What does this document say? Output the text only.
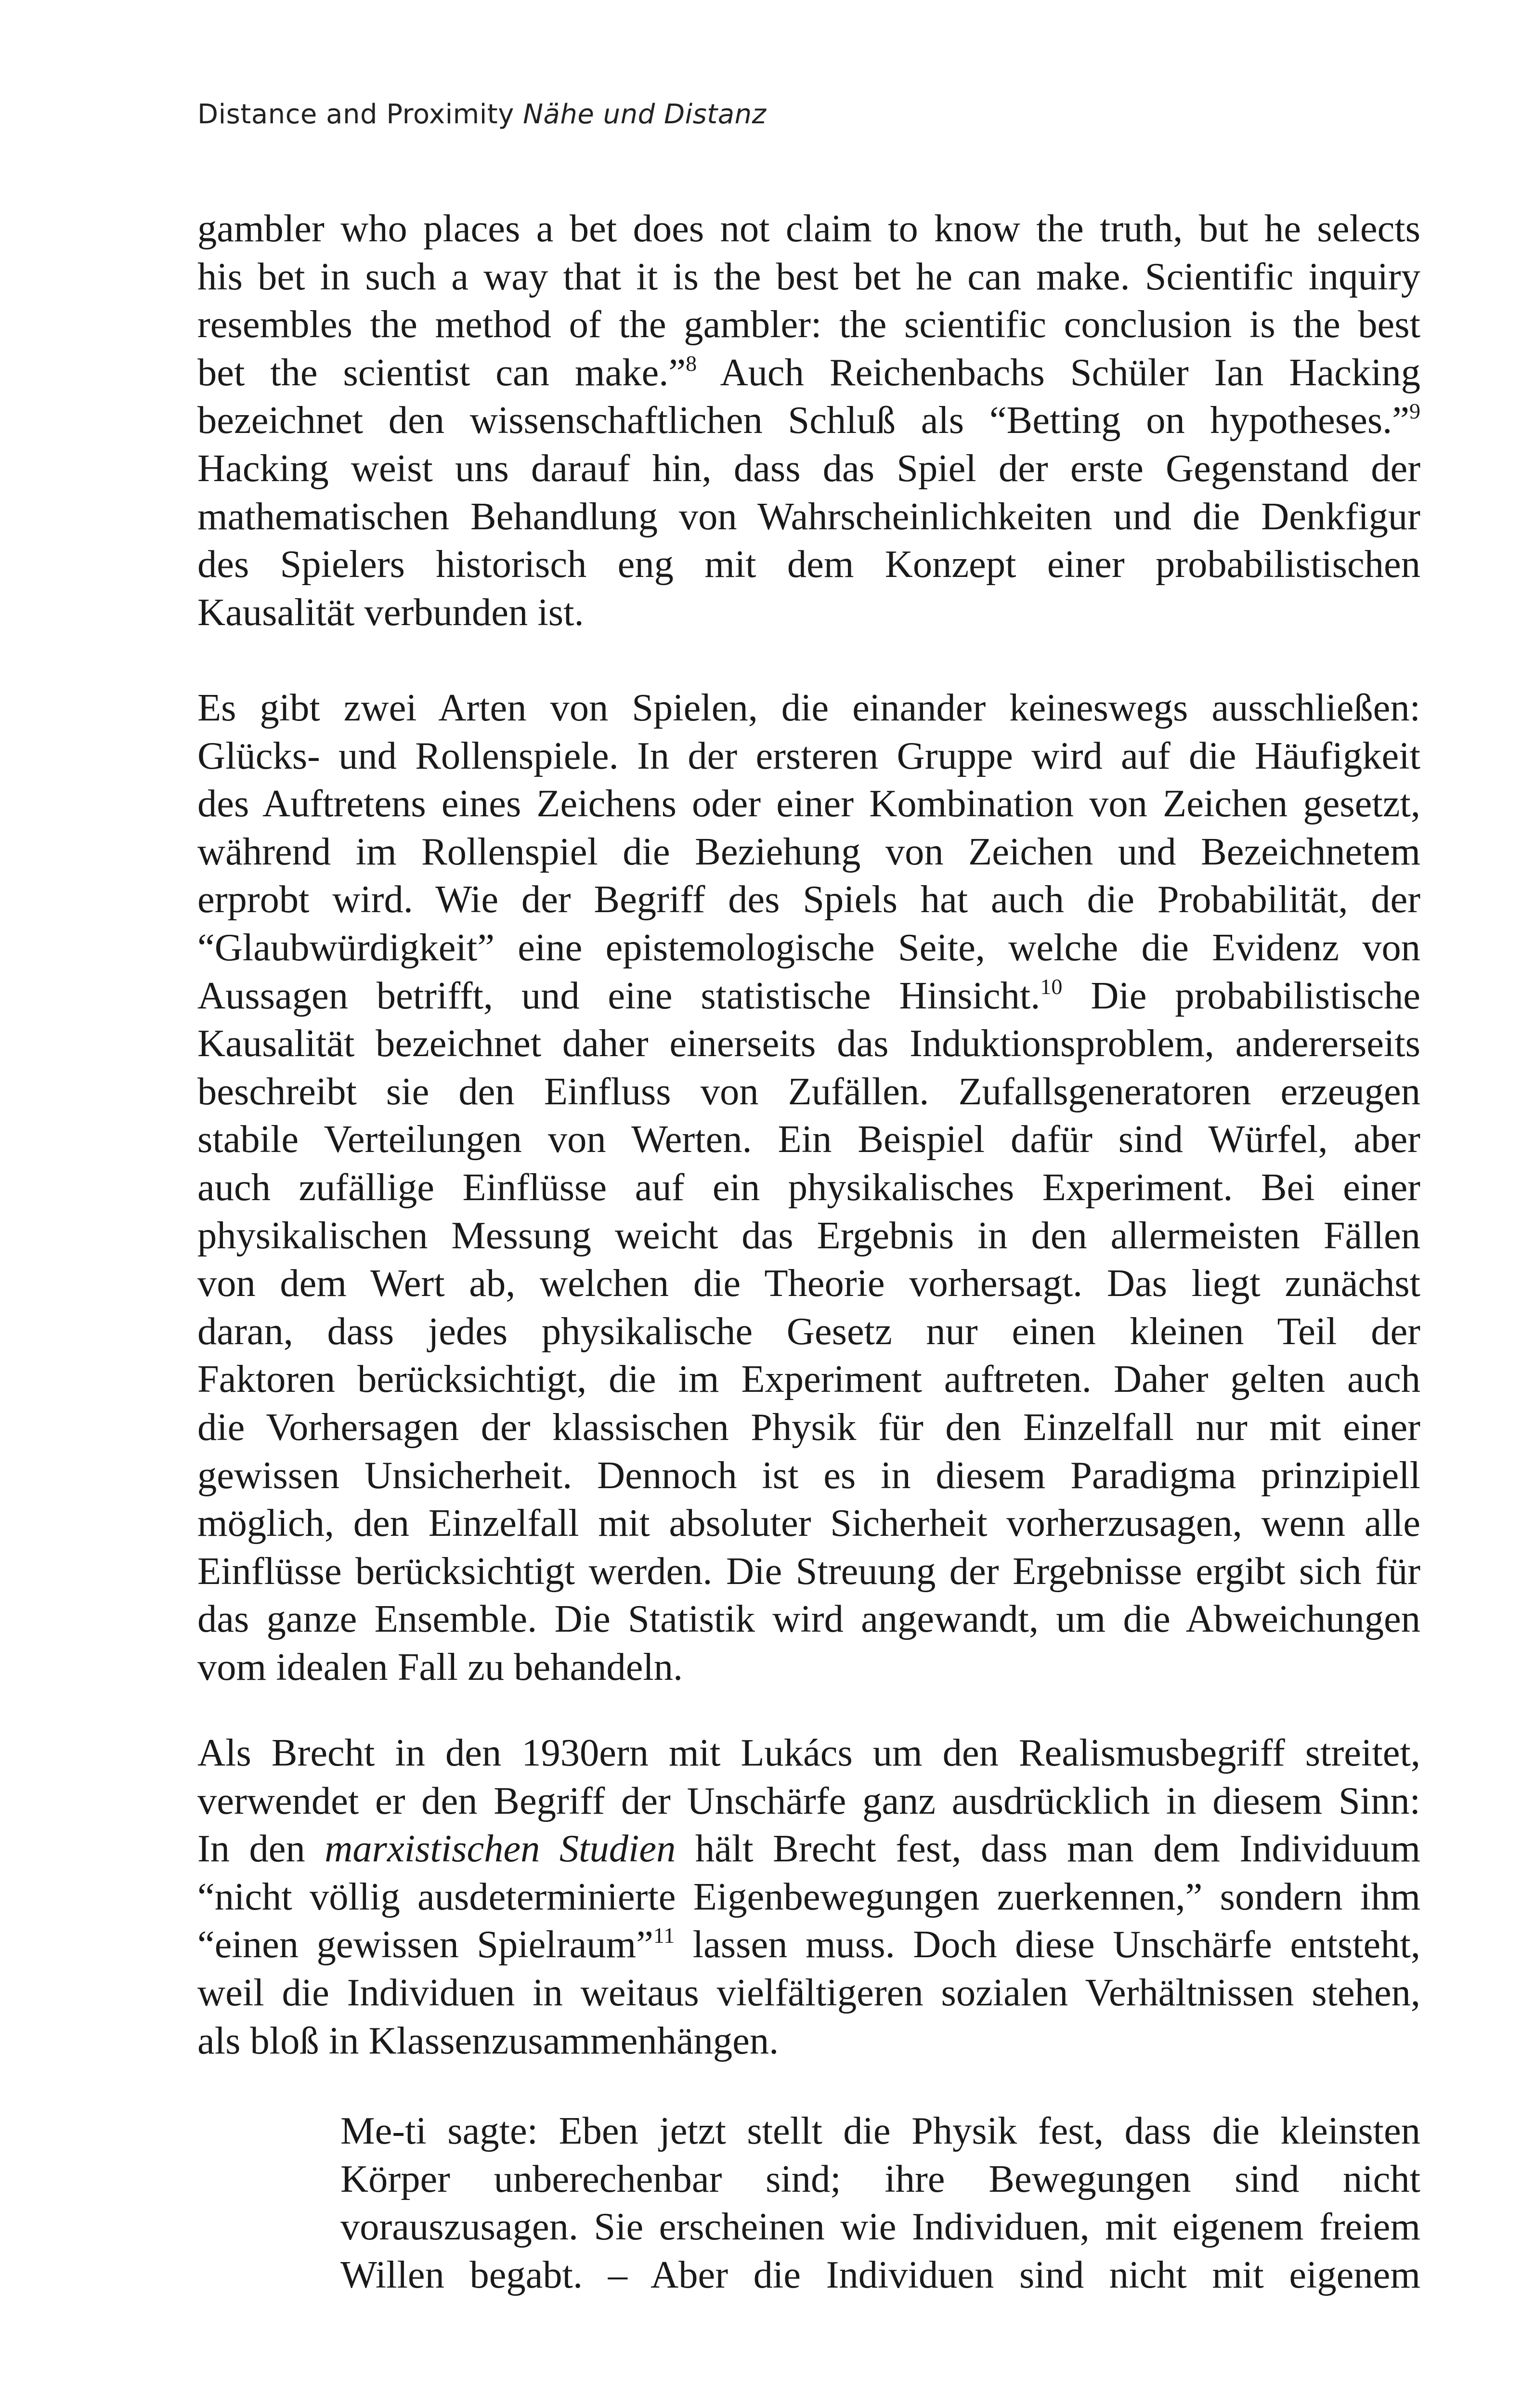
Distance and Proximity Nähe und Distanz
gambler who places a bet does not claim to know the truth, but he selects
his bet in such a way that it is the best bet he can make. Scientific inquiry
resembles the method of the gambler: the scientific conclusion is the best
bet the scientist can make.”$^8$ Auch Reichenbachs Schüler Ian Hacking
bezeichnet den wissenschaftlichen Schluß als “Betting on hypotheses.”$^9$
Hacking weist uns darauf hin, dass das Spiel der erste Gegenstand der
mathematischen Behandlung von Wahrscheinlichkeiten und die Denkfigur
des Spielers historisch eng mit dem Konzept einer probabilistischen
Kausalität verbunden ist.
Es gibt zwei Arten von Spielen, die einander keineswegs ausschließen:
Glücks- und Rollenspiele. In der ersteren Gruppe wird auf die Häufigkeit
des Auftretens eines Zeichens oder einer Kombination von Zeichen gesetzt,
während im Rollenspiel die Beziehung von Zeichen und Bezeichnetem
erprobt wird. Wie der Begriff des Spiels hat auch die Probabilität, der
“Glaubwürdigkeit” eine epistemologische Seite, welche die Evidenz von
Aussagen betrifft, und eine statistische Hinsicht.$^{10}$ Die probabilistische
Kausalität bezeichnet daher einerseits das Induktionsproblem, andererseits
beschreibt sie den Einfluss von Zufällen. Zufallsgeneratoren erzeugen
stabile Verteilungen von Werten. Ein Beispiel dafür sind Würfel, aber
auch zufällige Einflüsse auf ein physikalisches Experiment. Bei einer
physikalischen Messung weicht das Ergebnis in den allermeisten Fällen
von dem Wert ab, welchen die Theorie vorhersagt. Das liegt zunächst
daran, dass jedes physikalische Gesetz nur einen kleinen Teil der
Faktoren berücksichtigt, die im Experiment auftreten. Daher gelten auch
die Vorhersagen der klassischen Physik für den Einzelfall nur mit einer
gewissen Unsicherheit. Dennoch ist es in diesem Paradigma prinzipiell
möglich, den Einzelfall mit absoluter Sicherheit vorherzusagen, wenn alle
Einflüsse berücksichtigt werden. Die Streuung der Ergebnisse ergibt sich für
das ganze Ensemble. Die Statistik wird angewandt, um die Abweichungen
vom idealen Fall zu behandeln.
Als Brecht in den 1930ern mit Lukács um den Realismusbegriff streitet,
verwendet er den Begriff der Unschärfe ganz ausdrücklich in diesem Sinn:
In den marxistischen Studien hält Brecht fest, dass man dem Individuum
“nicht völlig ausdeterminierte Eigenbewegungen zuerkennen,” sondern ihm
“einen gewissen Spielraum”$^{11}$ lassen muss. Doch diese Unschärfe entsteht,
weil die Individuen in weitaus vielfältigeren sozialen Verhältnissen stehen,
als bloß in Klassenzusammenhängen.
Me-ti sagte: Eben jetzt stellt die Physik fest, dass die kleinsten
Körper unberechenbar sind; ihre Bewegungen sind nicht
vorauszusagen. Sie erscheinen wie Individuen, mit eigenem freiem
Willen begabt. – Aber die Individuen sind nicht mit eigenem
